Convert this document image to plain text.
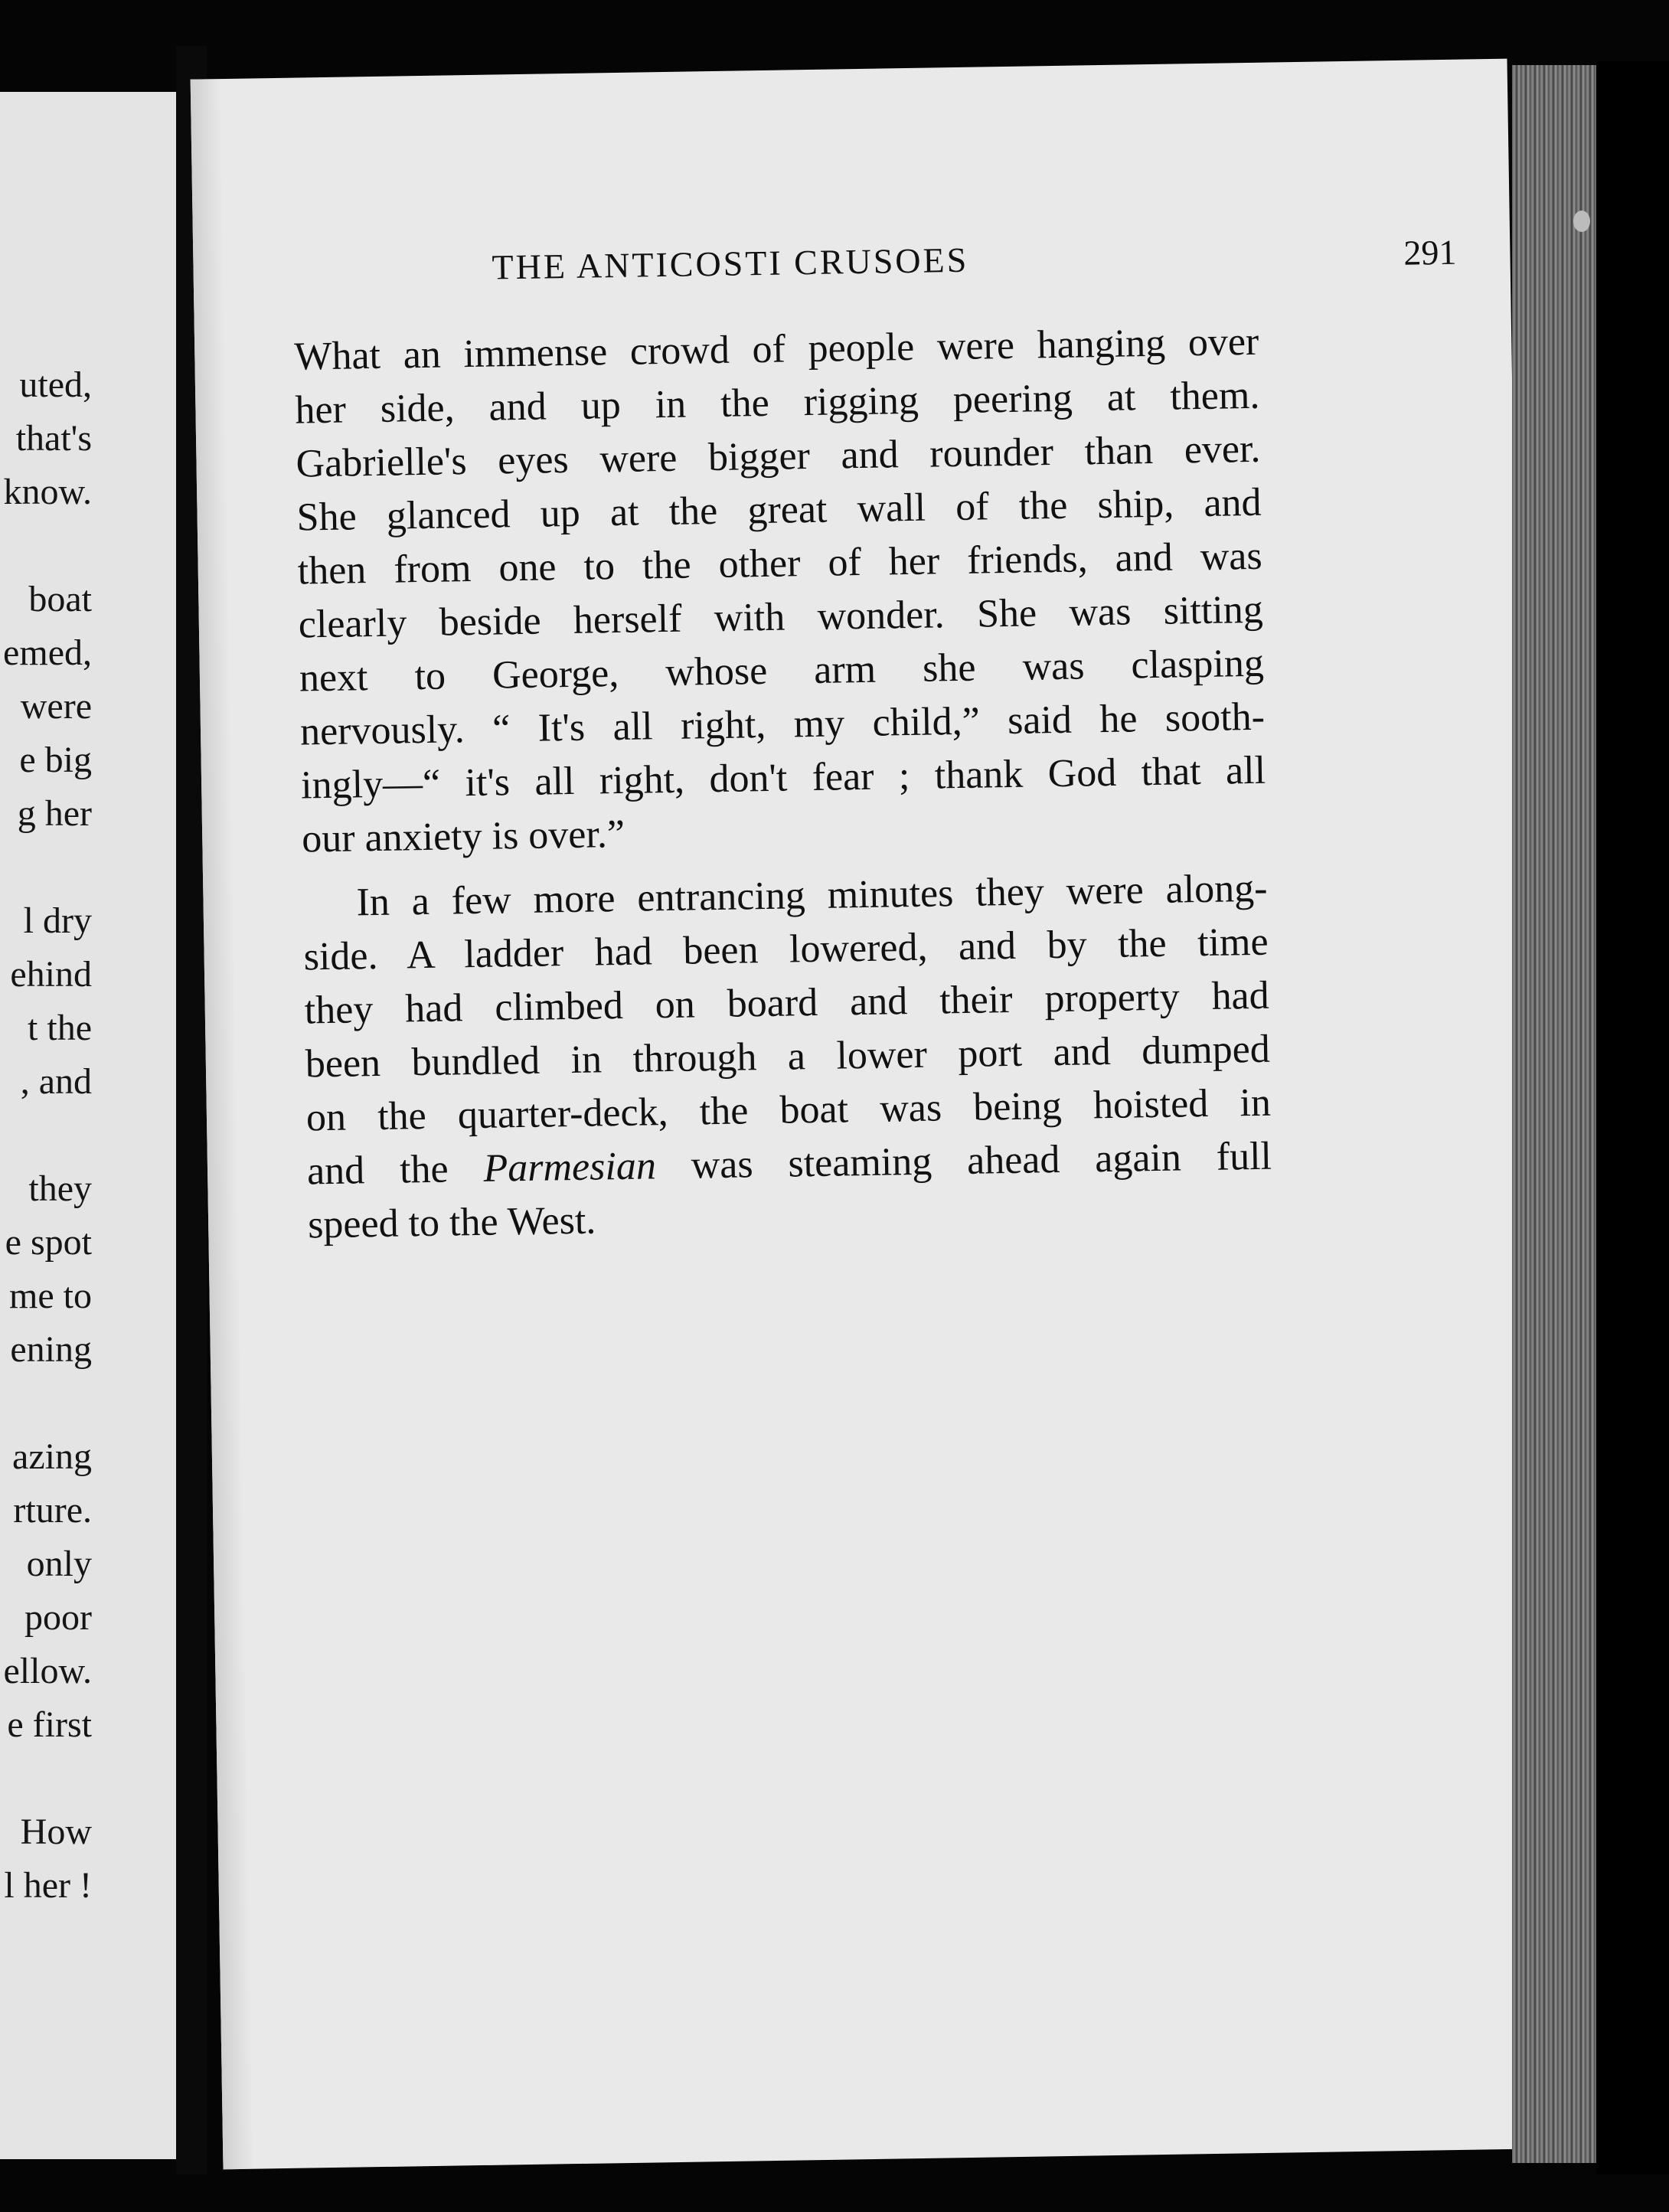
uted,
that's
know.
boat
emed,
were
e big
g her
l dry
ehind
t the
, and
they
e spot
me to
ening
azing
rture.
only
poor
ellow.
e first
How
l her !
THE ANTICOSTI CRUSOES	291
What an immense crowd of people were hanging over
her side, and up in the rigging peering at them.
Gabrielle's eyes were bigger and rounder than ever.
She glanced up at the great wall of the ship, and
then from one to the other of her friends, and was
clearly beside herself with wonder. She was sitting
next to George, whose arm she was clasping
nervously. “ It's all right, my child,” said he sooth-
ingly—“ it's all right, don't fear ; thank God that all
our anxiety is over.”
In a few more entrancing minutes they were along-
side. A ladder had been lowered, and by the time
they had climbed on board and their property had
been bundled in through a lower port and dumped
on the quarter-deck, the boat was being hoisted in
and the Parmesian was steaming ahead again full
speed to the West.
